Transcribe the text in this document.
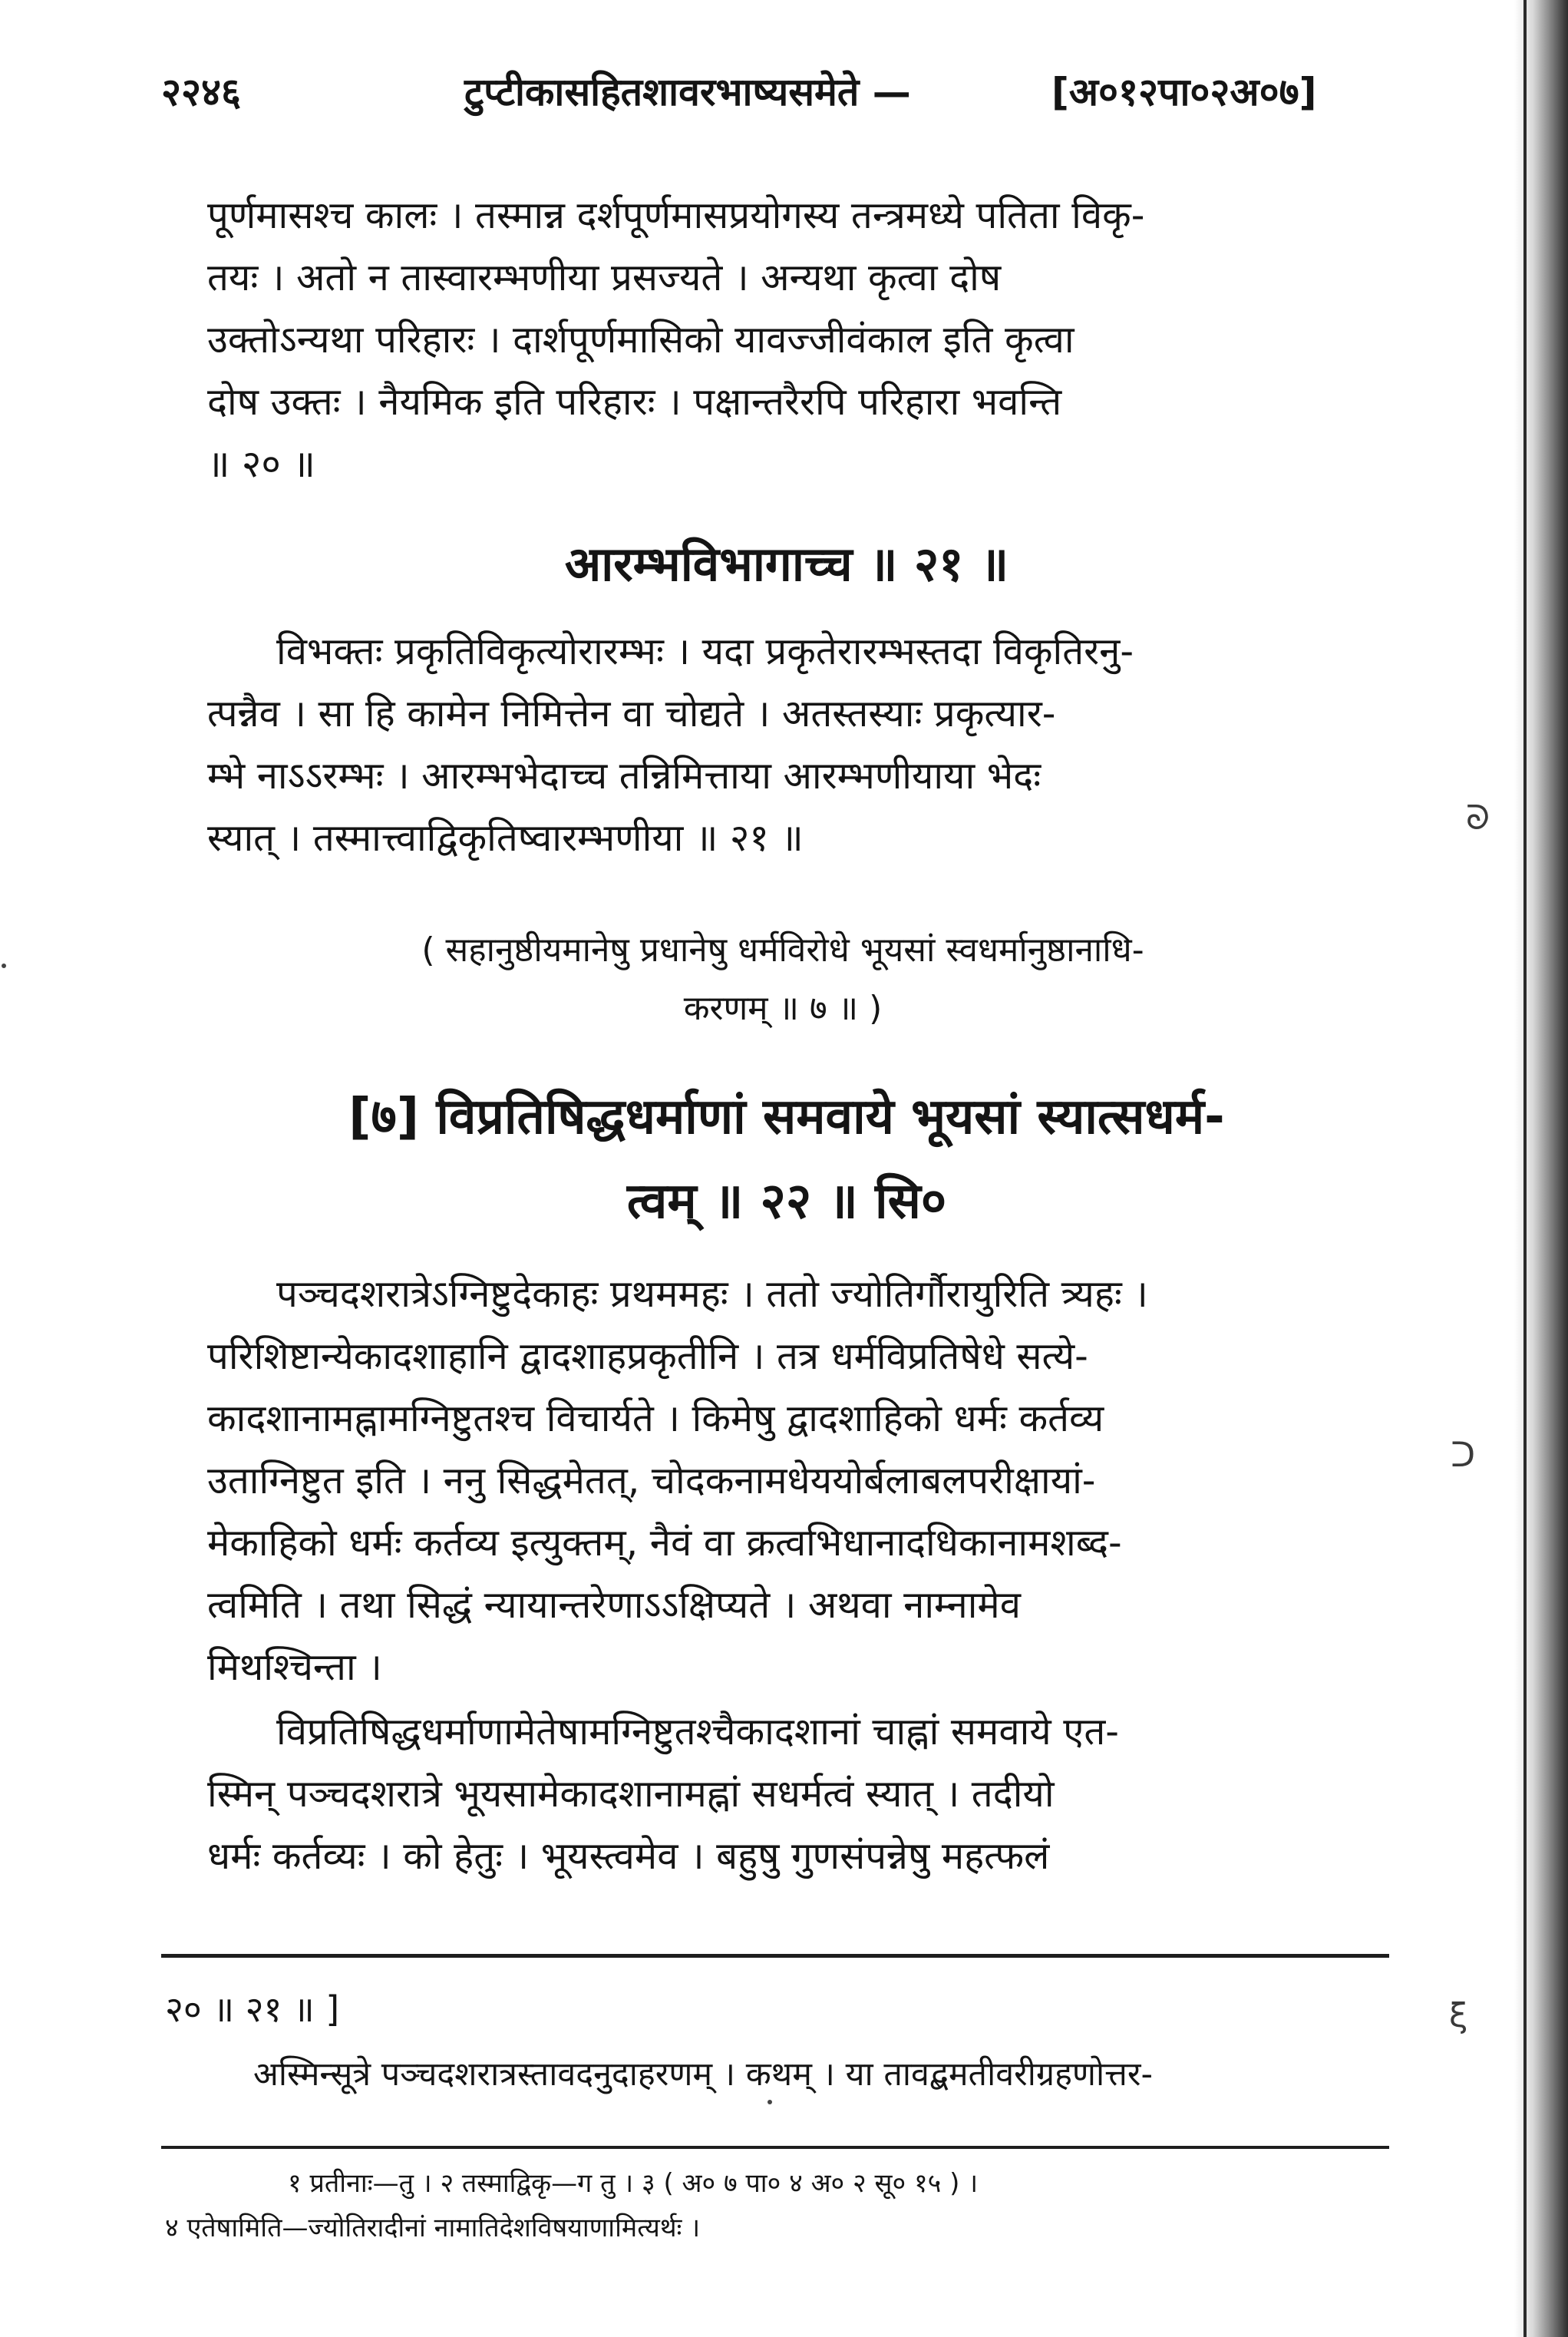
२२४६	टुप्टीकासहितशावरभाष्यसमेते —	[अ०१२पा०२अ०७]
पूर्णमासश्च कालः । तस्मान्न दर्शपूर्णमासप्रयोगस्य तन्त्रमध्ये पतिता विकृ-
तयः । अतो न तास्वारम्भणीया प्रसज्यते । अन्यथा कृत्वा दोष
उक्तोऽन्यथा परिहारः । दार्शपूर्णमासिको यावज्जीवंकाल इति कृत्वा
दोष उक्तः । नैयमिक इति परिहारः । पक्षान्तरैरपि परिहारा भवन्ति
॥ २० ॥
आरम्भविभागाच्च ॥ २१ ॥
विभक्तः प्रकृतिविकृत्योरारम्भः । यदा प्रकृतेरारम्भस्तदा विकृतिरनु-
त्पन्नैव । सा हि कामेन निमित्तेन वा चोद्यते । अतस्तस्याः प्रकृत्यार-
म्भे नाऽऽरम्भः । आरम्भभेदाच्च तन्निमित्ताया आरम्भणीयाया भेदः
स्यात् । तस्मात्त्वाद्विकृतिष्वारम्भणीया ॥ २१ ॥
( सहानुष्ठीयमानेषु प्रधानेषु धर्मविरोधे भूयसां स्वधर्मानुष्ठानाधि-
करणम् ॥ ७ ॥ )
[७] विप्रतिषिद्धधर्माणां समवाये भूयसां स्यात्सधर्म-
त्वम् ॥ २२ ॥ सि०
पञ्चदशरात्रेऽग्निष्टुदेकाहः प्रथममहः । ततो ज्योतिर्गौरायुरिति त्र्यहः ।
परिशिष्टान्येकादशाहानि द्वादशाहप्रकृतीनि । तत्र धर्मविप्रतिषेधे सत्ये-
कादशानामह्नामग्निष्टुतश्च विचार्यते । किमेषु द्वादशाहिको धर्मः कर्तव्य
उताग्निष्टुत इति । ननु सिद्धमेतत्, चोदकनामधेययोर्बलाबलपरीक्षायां-
मेकाहिको धर्मः कर्तव्य इत्युक्तम्, नैवं वा क्रत्वभिधानादधिकानामशब्द-
त्वमिति । तथा सिद्धं न्यायान्तरेणाऽऽक्षिप्यते । अथवा नाम्नामेव
मिथश्चिन्ता ।
विप्रतिषिद्धधर्माणामेतेषामग्निष्टुतश्चैकादशानां चाह्नां समवाये एत-
स्मिन् पञ्चदशरात्रे भूयसामेकादशानामह्नां सधर्मत्वं स्यात् । तदीयो
धर्मः कर्तव्यः । को हेतुः । भूयस्त्वमेव । बहुषु गुणसंपन्नेषु महत्फलं
२० ॥ २१ ॥ ]
अस्मिन्सूत्रे पञ्चदशरात्रस्तावदनुदाहरणम् । कथम् । या तावद्बमतीवरीग्रहणोत्तर-
१ प्रतीनाः—तु । २ तस्माद्विकृ—ग तु । ३ ( अ० ७ पा० ४ अ० २ सू० १५ ) ।
४ एतेषामिति—ज्योतिरादीनां नामातिदेशविषयाणामित्यर्थः ।
ᘐ
ᑐ
ξ
